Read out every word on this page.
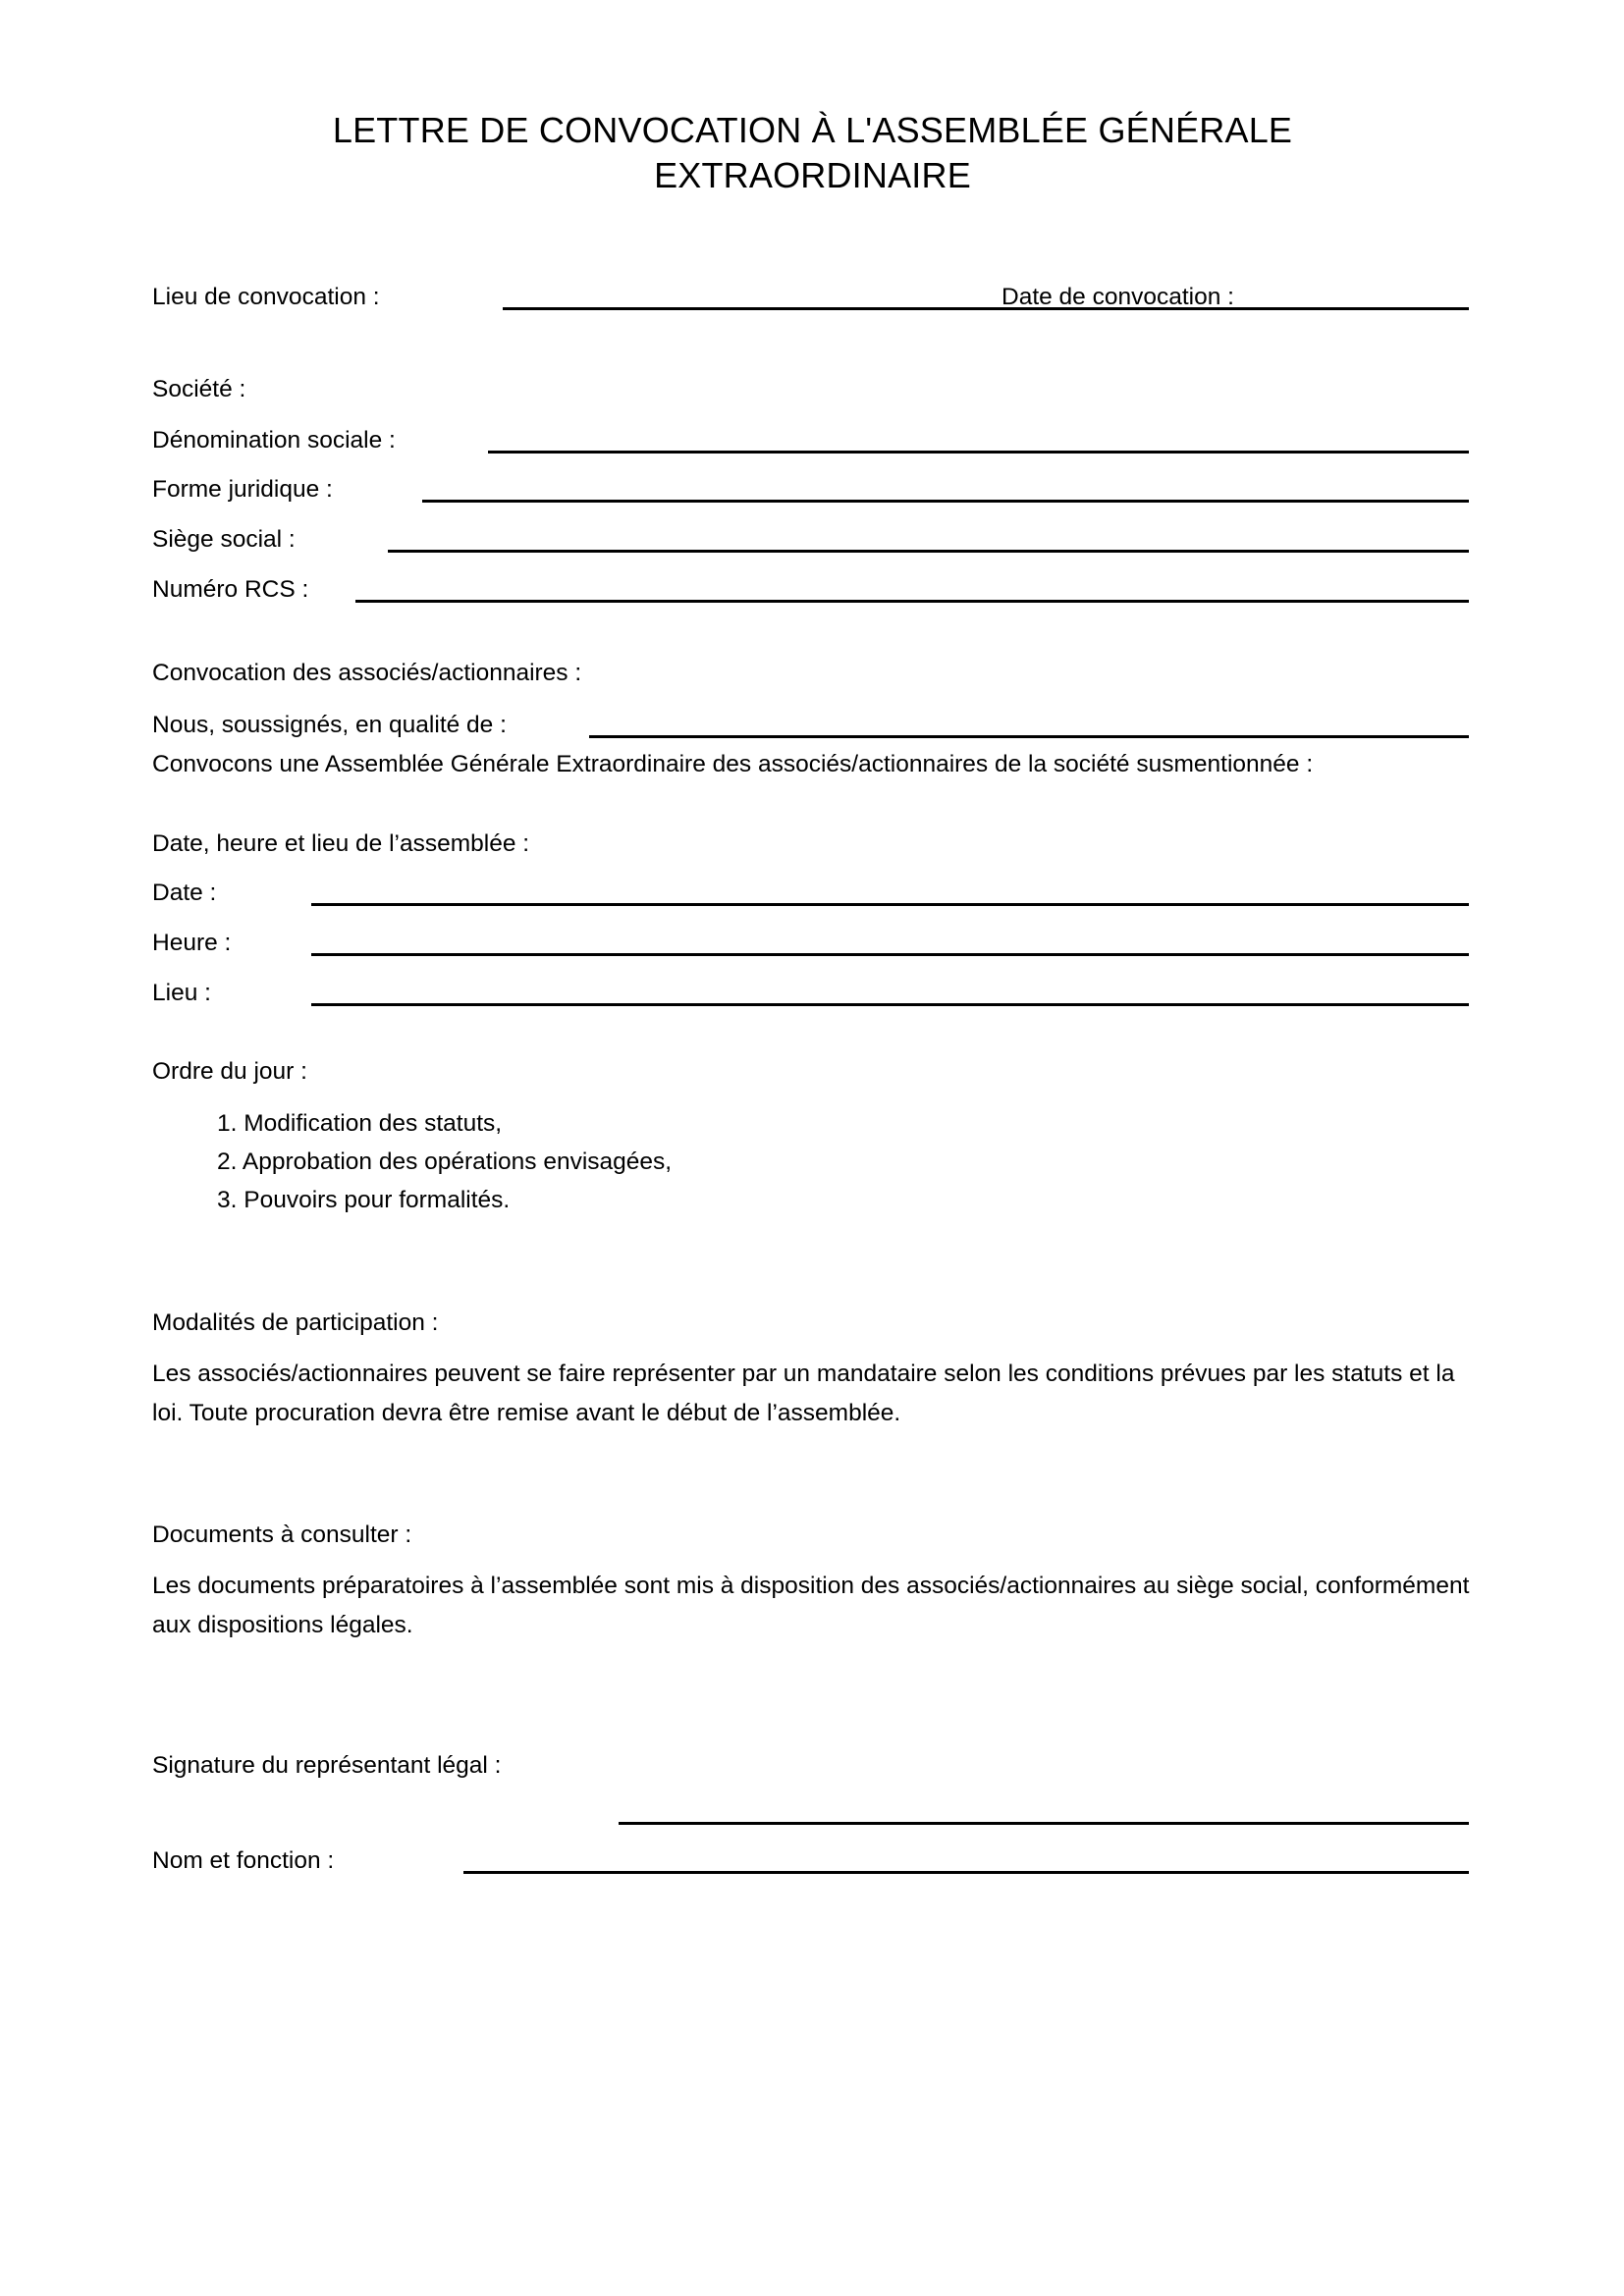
LETTRE DE CONVOCATION À L'ASSEMBLÉE GÉNÉRALE
EXTRAORDINAIRE
Lieu de convocation :	Date de convocation :
Société :
Dénomination sociale :
Forme juridique :
Siège social :
Numéro RCS :
Convocation des associés/actionnaires :
Nous, soussignés, en qualité de :
Convocons une Assemblée Générale Extraordinaire des associés/actionnaires de la société susmentionnée :
Date, heure et lieu de l’assemblée :
Date :
Heure :
Lieu :
Ordre du jour :
1. Modification des statuts,
2. Approbation des opérations envisagées,
3. Pouvoirs pour formalités.
Modalités de participation :
Les associés/actionnaires peuvent se faire représenter par un mandataire selon les conditions prévues par les statuts et la loi. Toute procuration devra être remise avant le début de l’assemblée.
Documents à consulter :
Les documents préparatoires à l’assemblée sont mis à disposition des associés/actionnaires au siège social, conformément aux dispositions légales.
Signature du représentant légal :
Nom et fonction :
